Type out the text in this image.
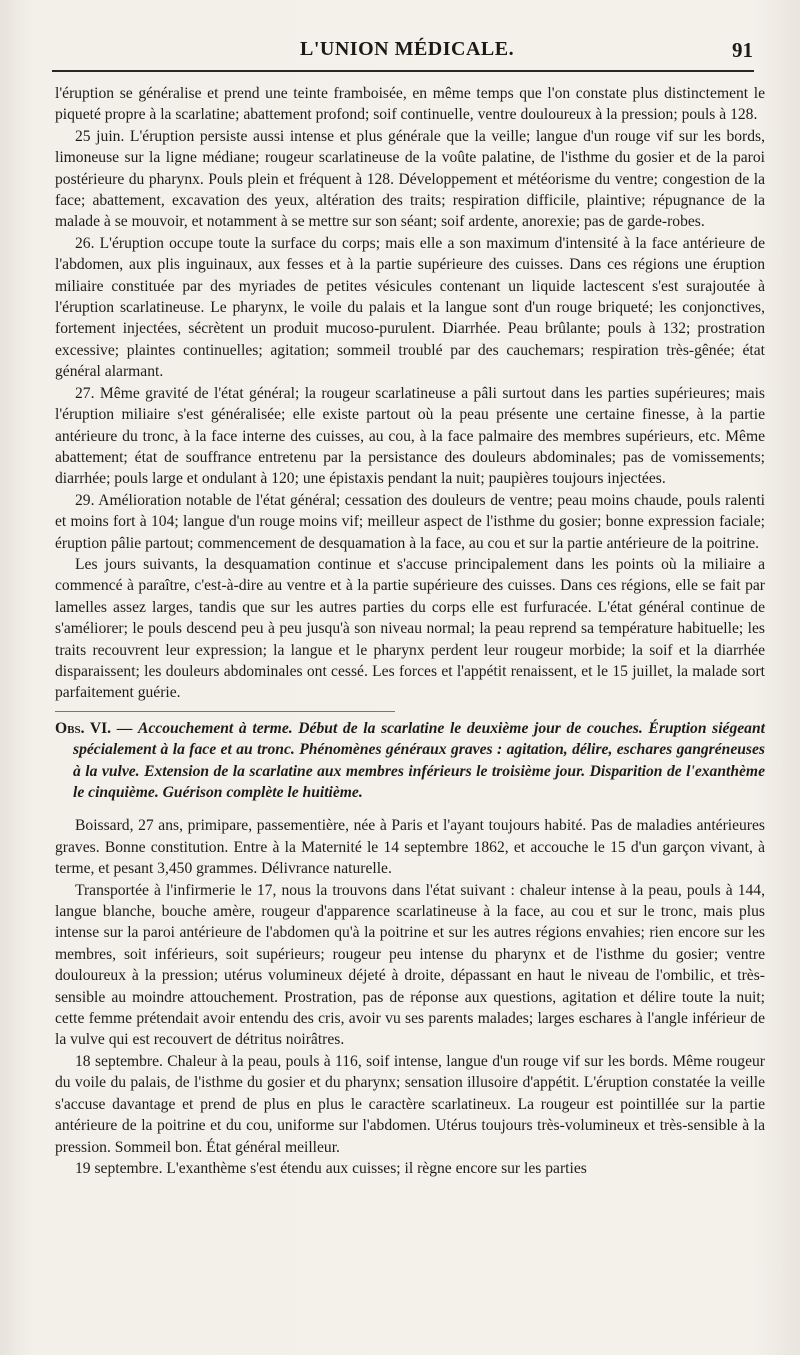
L'UNION MÉDICALE.	91

l'éruption se généralise et prend une teinte framboisée, en même temps que l'on constate plus distinctement le piqueté propre à la scarlatine; abattement profond; soif continuelle, ventre douloureux à la pression; pouls à 128.

25 juin. L'éruption persiste aussi intense et plus générale que la veille; langue d'un rouge vif sur les bords, limoneuse sur la ligne médiane; rougeur scarlatineuse de la voûte palatine, de l'isthme du gosier et de la paroi postérieure du pharynx. Pouls plein et fréquent à 128. Développement et météorisme du ventre; congestion de la face; abattement, excavation des yeux, altération des traits; respiration difficile, plaintive; répugnance de la malade à se mouvoir, et notamment à se mettre sur son séant; soif ardente, anorexie; pas de garde-robes.

26. L'éruption occupe toute la surface du corps; mais elle a son maximum d'intensité à la face antérieure de l'abdomen, aux plis inguinaux, aux fesses et à la partie supérieure des cuisses. Dans ces régions une éruption miliaire constituée par des myriades de petites vésicules contenant un liquide lactescent s'est surajoutée à l'éruption scarlatineuse. Le pharynx, le voile du palais et la langue sont d'un rouge briqueté; les conjonctives, fortement injectées, sécrètent un produit mucoso-purulent. Diarrhée. Peau brûlante; pouls à 132; prostration excessive; plaintes continuelles; agitation; sommeil troublé par des cauchemars; respiration très-gênée; état général alarmant.

27. Même gravité de l'état général; la rougeur scarlatineuse a pâli surtout dans les parties supérieures; mais l'éruption miliaire s'est généralisée; elle existe partout où la peau présente une certaine finesse, à la partie antérieure du tronc, à la face interne des cuisses, au cou, à la face palmaire des membres supérieurs, etc. Même abattement; état de souffrance entretenu par la persistance des douleurs abdominales; pas de vomissements; diarrhée; pouls large et ondulant à 120; une épistaxis pendant la nuit; paupières toujours injectées.

29. Amélioration notable de l'état général; cessation des douleurs de ventre; peau moins chaude, pouls ralenti et moins fort à 104; langue d'un rouge moins vif; meilleur aspect de l'isthme du gosier; bonne expression faciale; éruption pâlie partout; commencement de desquamation à la face, au cou et sur la partie antérieure de la poitrine.

Les jours suivants, la desquamation continue et s'accuse principalement dans les points où la miliaire a commencé à paraître, c'est-à-dire au ventre et à la partie supérieure des cuisses. Dans ces régions, elle se fait par lamelles assez larges, tandis que sur les autres parties du corps elle est furfuracée. L'état général continue de s'améliorer; le pouls descend peu à peu jusqu'à son niveau normal; la peau reprend sa température habituelle; les traits recouvrent leur expression; la langue et le pharynx perdent leur rougeur morbide; la soif et la diarrhée disparaissent; les douleurs abdominales ont cessé. Les forces et l'appétit renaissent, et le 15 juillet, la malade sort parfaitement guérie.

Obs. VI. — Accouchement à terme. Début de la scarlatine le deuxième jour de couches. Éruption siégeant spécialement à la face et au tronc. Phénomènes généraux graves : agitation, délire, eschares gangréneuses à la vulve. Extension de la scarlatine aux membres inférieurs le troisième jour. Disparition de l'exanthème le cinquième. Guérison complète le huitième.

Boissard, 27 ans, primipare, passementière, née à Paris et l'ayant toujours habité. Pas de maladies antérieures graves. Bonne constitution. Entre à la Maternité le 14 septembre 1862, et accouche le 15 d'un garçon vivant, à terme, et pesant 3,450 grammes. Délivrance naturelle.

Transportée à l'infirmerie le 17, nous la trouvons dans l'état suivant : chaleur intense à la peau, pouls à 144, langue blanche, bouche amère, rougeur d'apparence scarlatineuse à la face, au cou et sur le tronc, mais plus intense sur la paroi antérieure de l'abdomen qu'à la poitrine et sur les autres régions envahies; rien encore sur les membres, soit inférieurs, soit supérieurs; rougeur peu intense du pharynx et de l'isthme du gosier; ventre douloureux à la pression; utérus volumineux déjeté à droite, dépassant en haut le niveau de l'ombilic, et très-sensible au moindre attouchement. Prostration, pas de réponse aux questions, agitation et délire toute la nuit; cette femme prétendait avoir entendu des cris, avoir vu ses parents malades; larges eschares à l'angle inférieur de la vulve qui est recouvert de détritus noirâtres.

18 septembre. Chaleur à la peau, pouls à 116, soif intense, langue d'un rouge vif sur les bords. Même rougeur du voile du palais, de l'isthme du gosier et du pharynx; sensation illusoire d'appétit. L'éruption constatée la veille s'accuse davantage et prend de plus en plus le caractère scarlatineux. La rougeur est pointillée sur la partie antérieure de la poitrine et du cou, uniforme sur l'abdomen. Utérus toujours très-volumineux et très-sensible à la pression. Sommeil bon. État général meilleur.

19 septembre. L'exanthème s'est étendu aux cuisses; il règne encore sur les parties
